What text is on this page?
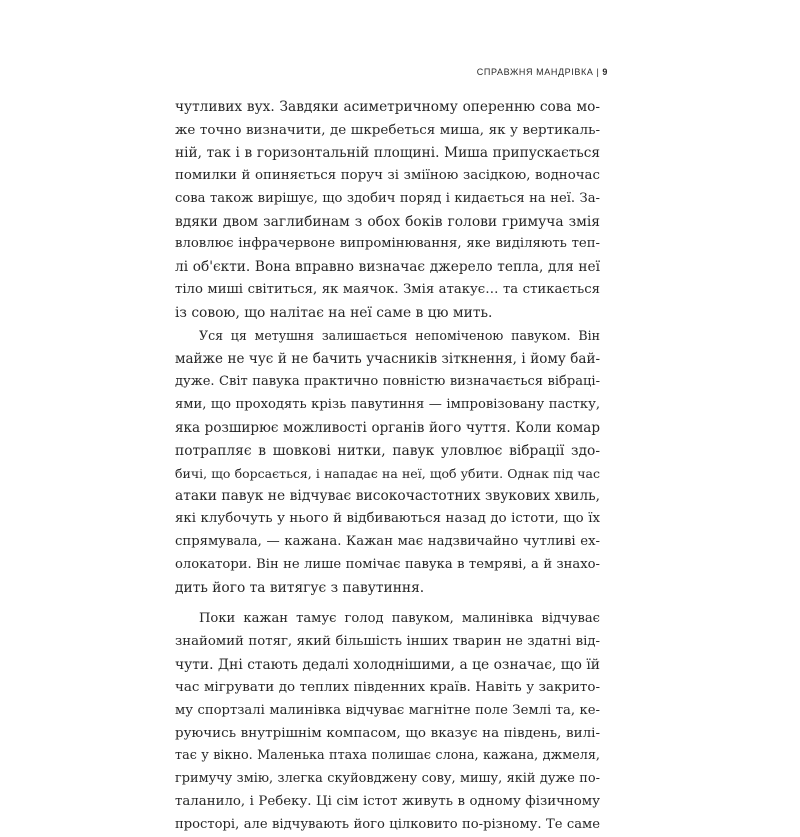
СПРАВЖНЯ МАНДРІВКА | 9

чутливих вух. Завдяки асиметричному оперенню сова мо-
же точно визначити, де шкребеться миша, як у вертикаль-
ній, так і в горизонтальній площині. Миша припускається
помилки й опиняється поруч зі зміїною засідкою, водночас
сова також вирішує, що здобич поряд і кидається на неї. За-
вдяки двом заглибинам з обох боків голови гримуча змія
вловлює інфрачервоне випромінювання, яке виділяють теп-
лі об'єкти. Вона вправно визначає джерело тепла, для неї
тіло миші світиться, як маячок. Змія атакує… та стикається
із совою, що налітає на неї саме в цю мить.

Уся ця метушня залишається непоміченою павуком. Він
майже не чує й не бачить учасників зіткнення, і йому бай-
дуже. Світ павука практично повністю визначається вібраці-
ями, що проходять крізь павутиння — імпровізовану пастку,
яка розширює можливості органів його чуття. Коли комар
потрапляє в шовкові нитки, павук уловлює вібрації здо-
бичі, що борсається, і нападає на неї, щоб убити. Однак під час
атаки павук не відчуває високочастотних звукових хвиль,
які клубочуть у нього й відбиваються назад до істоти, що їх
спрямувала, — кажана. Кажан має надзвичайно чутливі ех-
олокатори. Він не лише помічає павука в темряві, а й знахо-
дить його та витягує з павутиння.

Поки кажан тамує голод павуком, малинівка відчуває
знайомий потяг, який більшість інших тварин не здатні від-
чути. Дні стають дедалі холоднішими, а це означає, що їй
час мігрувати до теплих південних країв. Навіть у закрито-
му спортзалі малинівка відчуває магнітне поле Землі та, ке-
руючись внутрішнім компасом, що вказує на південь, вилі-
тає у вікно. Маленька птаха полишає слона, кажана, джмеля,
гримучу змію, злегка скуйовджену сову, мишу, якій дуже по-
таланило, і Ребеку. Ці сім істот живуть в одному фізичному
просторі, але відчувають його цілковито по-різному. Те саме
